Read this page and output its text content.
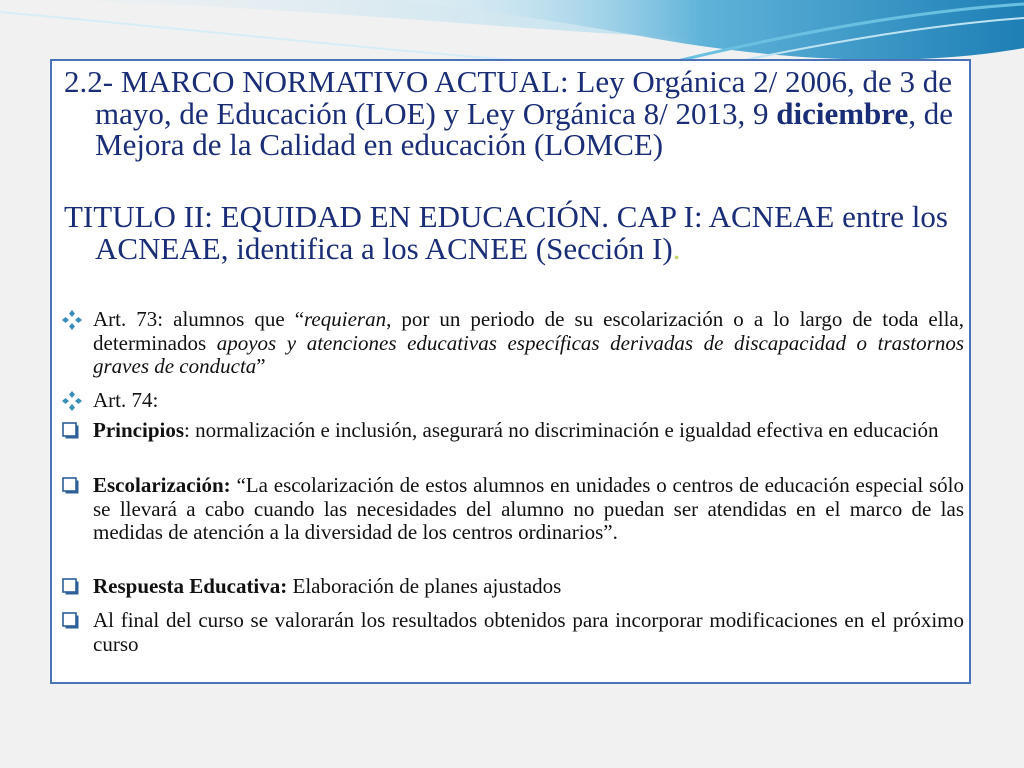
2.2- MARCO NORMATIVO ACTUAL: Ley Orgánica 2/ 2006, de 3 de mayo, de Educación (LOE) y Ley Orgánica 8/ 2013, 9 diciembre, de Mejora de la Calidad en educación (LOMCE)
TITULO II: EQUIDAD EN EDUCACIÓN. CAP I: ACNEAE entre los ACNEAE, identifica a los ACNEE (Sección I).
Art. 73: alumnos que “requieran, por un periodo de su escolarización o a lo largo de toda ella, determinados apoyos y atenciones educativas específicas derivadas de discapacidad o trastornos graves de conducta”
Art. 74:
Principios: normalización e inclusión, asegurará no discriminación e igualdad efectiva en educación
Escolarización: “La escolarización de estos alumnos en unidades o centros de educación especial sólo se llevará a cabo cuando las necesidades del alumno no puedan ser atendidas en el marco de las medidas de atención a la diversidad de los centros ordinarios”.
Respuesta Educativa: Elaboración de planes ajustados
Al final del curso se valorarán los resultados obtenidos para incorporar modificaciones en el próximo curso
